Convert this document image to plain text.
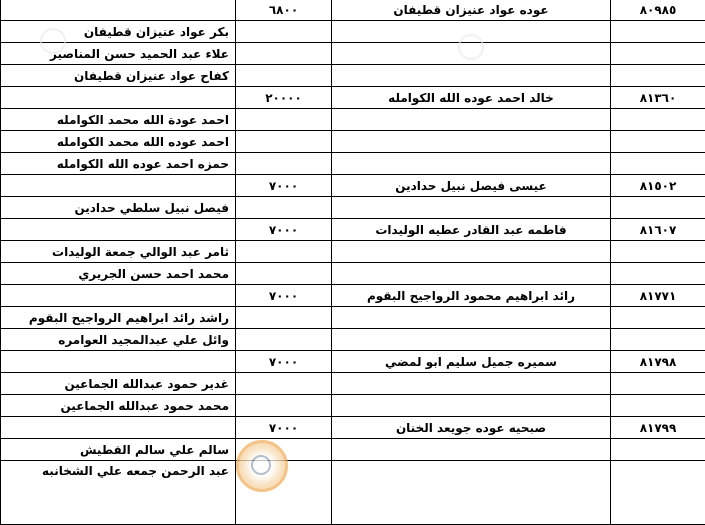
	٦٨٠٠	عوده عواد عنيزان قطيفان	٨٠٩٨٥
بكر عواد عنيزان قطيفان			
علاء عبد الحميد حسن المناصير			
كفاح عواد عنيزان قطيفان			
	٢٠٠٠٠	خالد احمد عوده الله الكوامله	٨١٣٦٠
احمد عودة الله محمد الكوامله			
احمد عوده الله محمد الكوامله			
حمزه احمد عوده الله الكوامله			
	٧٠٠٠	عيسى فيصل نبيل حدادين	٨١٥٠٢
فيصل نبيل سلطي حدادين			
	٧٠٠٠	فاطمه عبد القادر عطيه الوليدات	٨١٦٠٧
ثامر عبد الوالي جمعة الوليدات			
محمد احمد حسن الجريري			
	٧٠٠٠	رائد ابراهيم محمود الرواجيح البقوم	٨١٧٧١
راشد رائد ابراهيم الرواجيح البقوم			
وائل علي عبدالمجيد العوامره			
	٧٠٠٠	سميره جميل سليم ابو لمضي	٨١٧٩٨
غدير حمود عبدالله الجماعين			
محمد حمود عبدالله الجماعين			
	٧٠٠٠	صبحيه عوده جويعد الخنان	٨١٧٩٩
سالم علي سالم القطيش			
عبد الرحمن جمعه علي الشخانبه			
